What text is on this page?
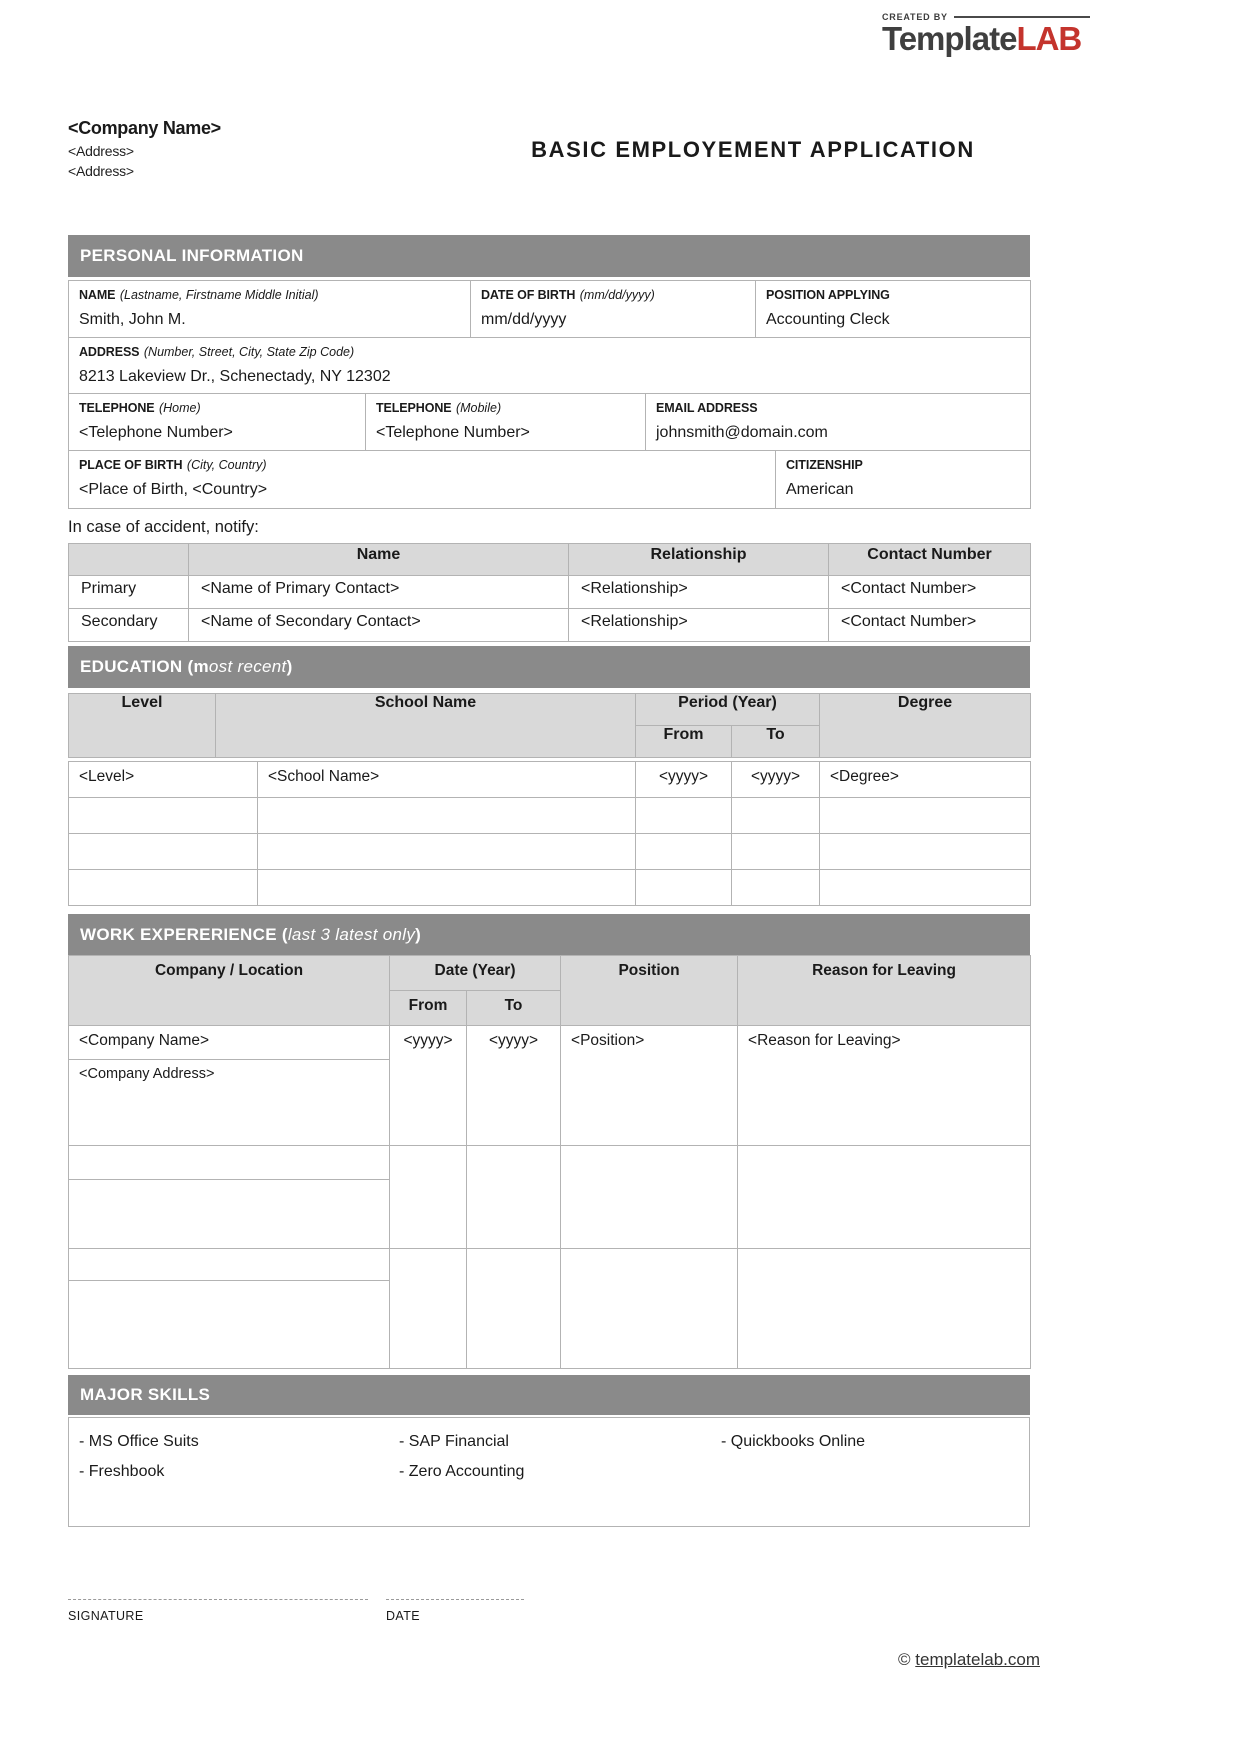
CREATED BY
TemplateLAB
<Company Name>
<Address>
<Address>
BASIC EMPLOYEMENT APPLICATION
PERSONAL INFORMATION
NAME (Lastname, Firstname Middle Initial)
Smith, John M.

DATE OF BIRTH (mm/dd/yyyy)
mm/dd/yyyy

POSITION APPLYING
Accounting Cleck
ADDRESS (Number, Street, City, State Zip Code)
8213 Lakeview Dr., Schenectady, NY 12302
TELEPHONE (Home)
<Telephone Number>

TELEPHONE (Mobile)
<Telephone Number>

EMAIL ADDRESS
johnsmith@domain.com
PLACE OF BIRTH (City, Country)
<Place of Birth, <Country>

CITIZENSHIP
American
In case of accident, notify:
	Name	Relationship	Contact Number
Primary	<Name of Primary Contact>	<Relationship>	<Contact Number>
Secondary	<Name of Secondary Contact>	<Relationship>	<Contact Number>
EDUCATION (most recent)
Level	School Name	Period (Year)		Degree
		From	To	
<Level>	<School Name>	<yyyy>	<yyyy>	<Degree>

WORK EXPERERIENCE (last 3 latest only)
Company / Location	Date (Year)		Position	Reason for Leaving
	From	To		
<Company Name>	<yyyy>	<yyyy>	<Position>	<Reason for Leaving>
<Company Address>				

MAJOR SKILLS
- MS Office Suits	- SAP Financial	- Quickbooks Online
- Freshbook	- Zero Accounting
SIGNATURE	DATE
© templatelab.com
